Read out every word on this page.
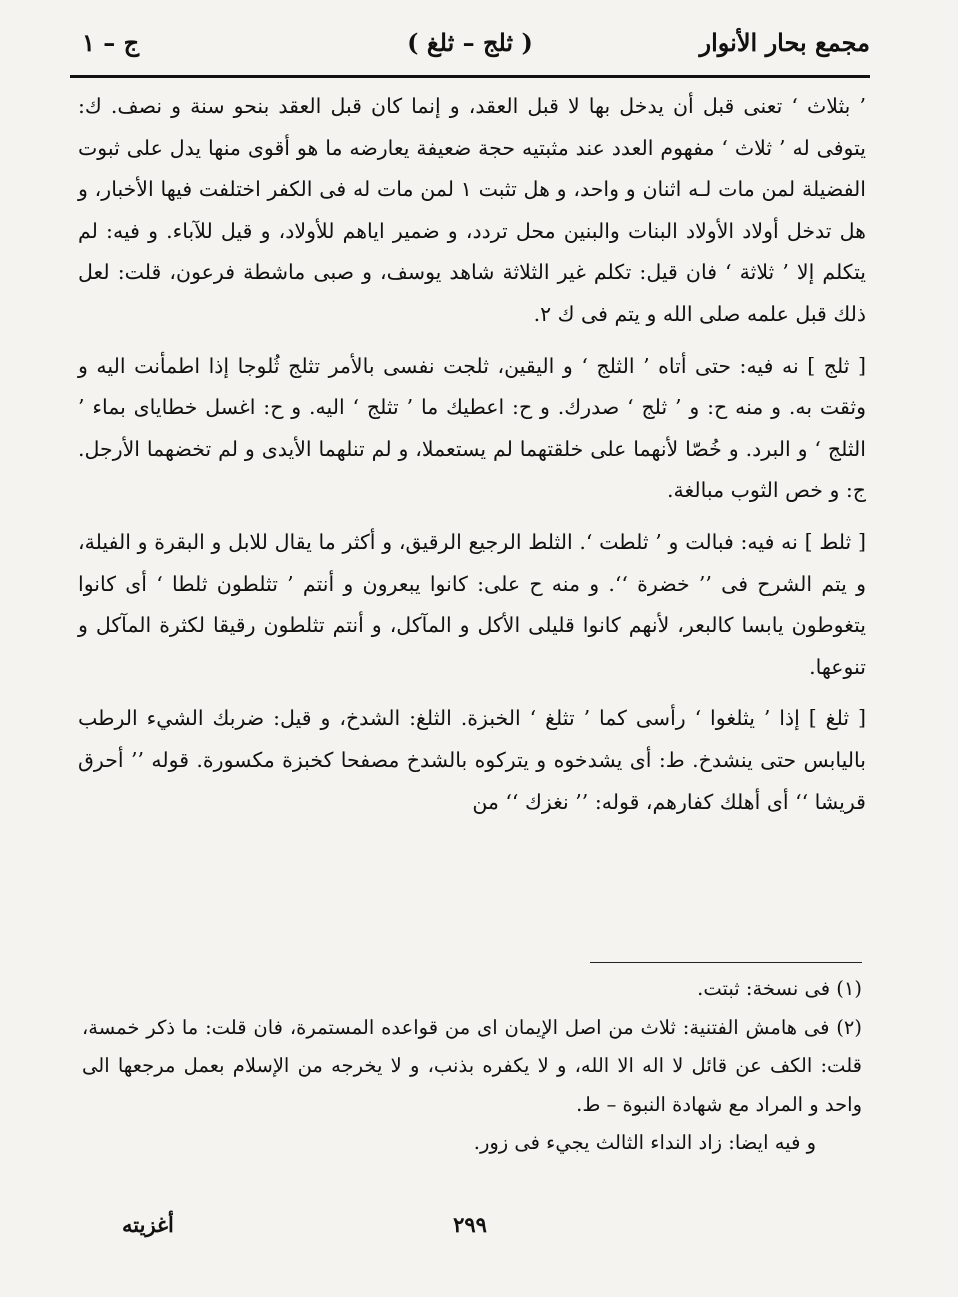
مجمع بحار الأنوار
( ثلج – ثلغ )
ج – ١

’ بثلاث ‘ تعنى قبل أن يدخل بها لا قبل العقد، و إنما كان قبل العقد بنحو سنة و نصف. ك: يتوفى له ’ ثلاث ‘ مفهوم العدد عند مثبتيه حجة ضعيفة يعارضه ما هو أقوى منها يدل على ثبوت الفضيلة لمن مات لـه اثنان و واحد، و هل تثبت ١ لمن مات له فى الكفر اختلفت فيها الأخبار، و هل تدخل أولاد الأولاد البنات والبنين محل تردد، و ضمير اياهم للأولاد، و قيل للآباء. و فيه: لم يتكلم إلا ’ ثلاثة ‘ فان قيل: تكلم غير الثلاثة شاهد يوسف، و صبى ماشطة فرعون، قلت: لعل ذلك قبل علمه صلى الله و يتم فى ك ٢.

[ ثلج ] نه فيه: حتى أتاه ’ الثلج ‘ و اليقين، ثلجت نفسى بالأمر تثلج ثُلوجا إذا اطمأنت اليه و وثقت به. و منه ح: و ’ ثلج ‘ صدرك. و ح: اعطيك ما ’ تثلج ‘ اليه. و ح: اغسل خطاياى بماء ’ الثلج ‘ و البرد. و خُصّا لأنهما على خلقتهما لم يستعملا، و لم تنلهما الأيدى و لم تخضهما الأرجل. ج: و خص الثوب مبالغة.

[ ثلط ] نه فيه: فبالت و ’ ثلطت ‘. الثلط الرجيع الرقيق، و أكثر ما يقال للابل و البقرة و الفيلة، و يتم الشرح فى ’’ خضرة ‘‘. و منه ح على: كانوا يبعرون و أنتم ’ تثلطون ثلطا ‘ أى كانوا يتغوطون يابسا كالبعر، لأنهم كانوا قليلى الأكل و المآكل، و أنتم تثلطون رقيقا لكثرة المآكل و تنوعها.

[ ثلغ ] إذا ’ يثلغوا ‘ رأسى كما ’ تثلغ ‘ الخبزة. الثلغ: الشدخ، و قيل: ضربك الشيء الرطب باليابس حتى ينشدخ. ط: أى يشدخوه و يتركوه بالشدخ مصفحا كخبزة مكسورة. قوله ’’ أحرق قريشا ‘‘ أى أهلك كفارهم، قوله: ’’ نغزك ‘‘ من

(١) فى نسخة: ثبتت.

(٢) فى هامش الفتنية: ثلاث من اصل الإيمان اى من قواعده المستمرة، فان قلت: ما ذكر خمسة، قلت: الكف عن قائل لا اله الا الله، و لا يكفره بذنب، و لا يخرجه من الإسلام بعمل مرجعها الى واحد و المراد مع شهادة النبوة – ط.

و فيه ايضا: زاد النداء الثالث يجيء فى زور.

٢٩٩
أغزيته
